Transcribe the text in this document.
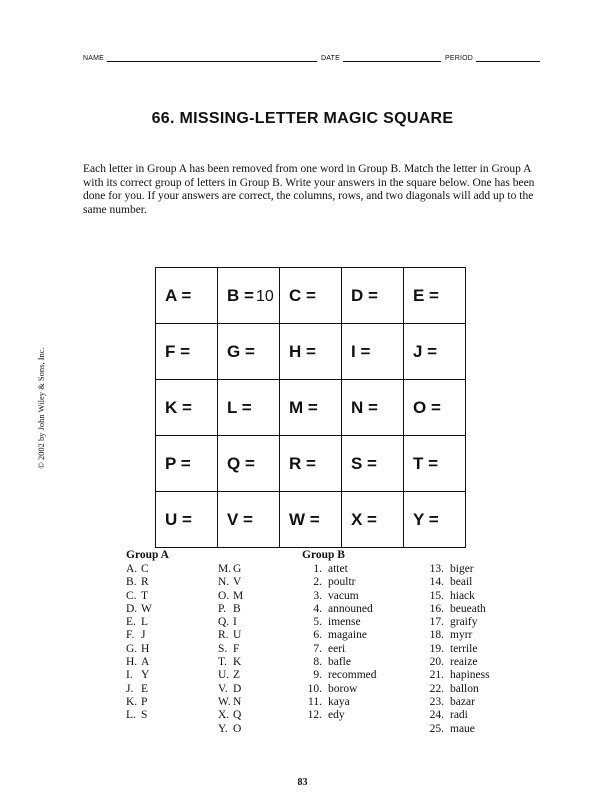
NAME	DATE	PERIOD
66. MISSING-LETTER MAGIC SQUARE
Each letter in Group A has been removed from one word in Group B. Match the letter in Group A with its correct group of letters in Group B. Write your answers in the square below. One has been done for you. If your answers are correct, the columns, rows, and two diagonals will add up to the same number.
© 2002 by John Wiley & Sons, Inc.
A =	B = 10	C =	D =	E =
F =	G =	H =	I =	J =
K =	L =	M =	N =	O =
P =	Q =	R =	S =	T =
U =	V =	W =	X =	Y =
Group A
A. C
B. R
C. T
D. W
E. L
F. J
G. H
H. A
I. Y
J. E
K. P
L. S
M. G
N. V
O. M
P. B
Q. I
R. U
S. F
T. K
U. Z
V. D
W. N
X. Q
Y. O
Group B
1. attet
2. poultr
3. vacum
4. announed
5. imense
6. magaine
7. eeri
8. bafle
9. recommed
10. borow
11. kaya
12. edy
13. biger
14. beail
15. hiack
16. beueath
17. graify
18. myrr
19. terrile
20. reaize
21. hapiness
22. ballon
23. bazar
24. radi
25. maue
83
